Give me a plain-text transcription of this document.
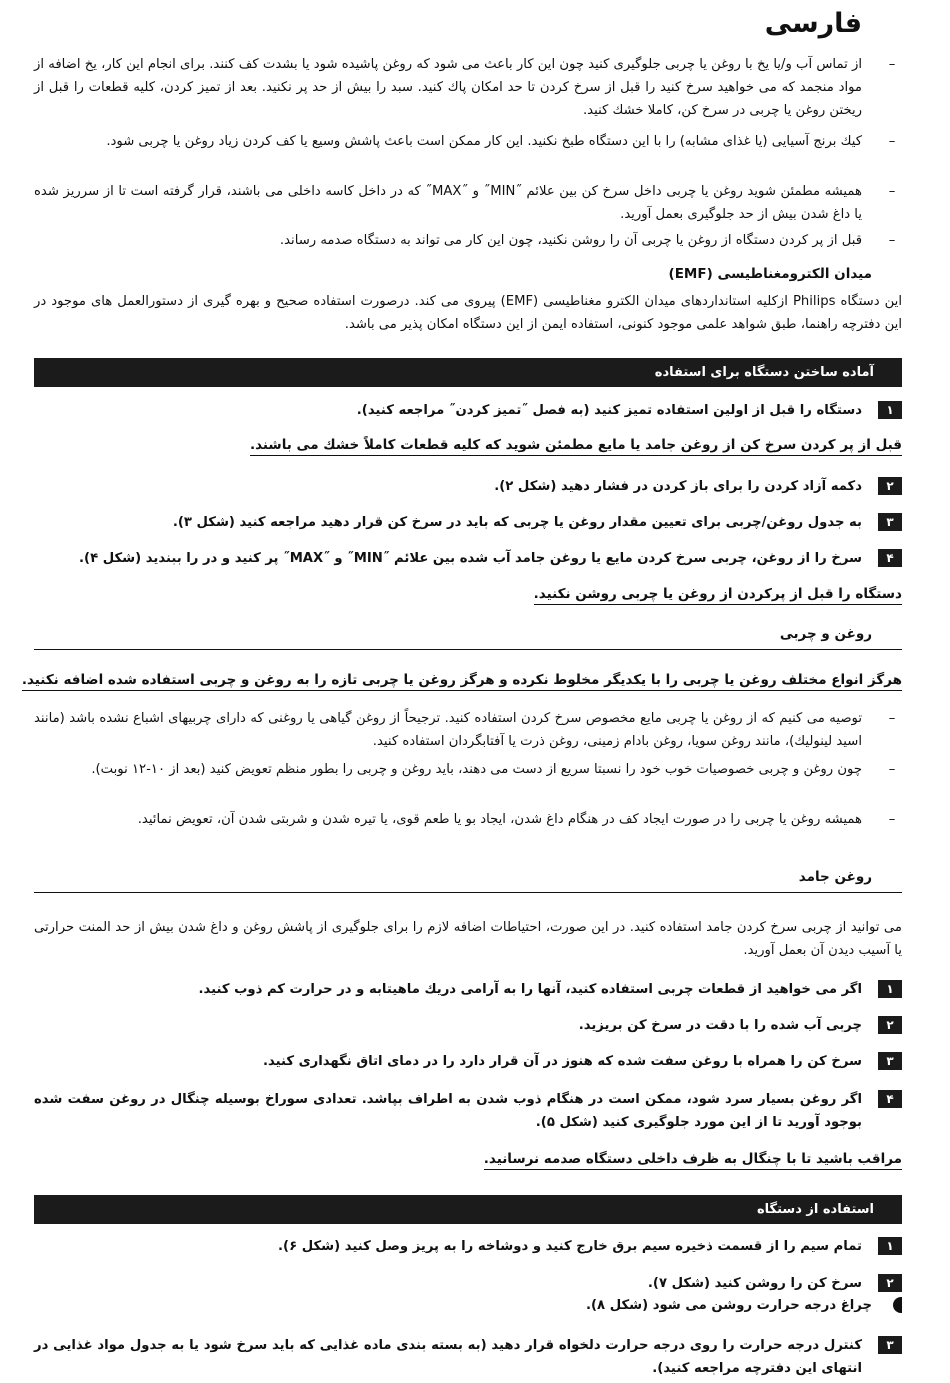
فارسی
–
از تماس آب و/یا یخ با روغن یا چربی جلوگیری کنید چون این کار باعث می شود که روغن پاشیده شود یا بشدت کف کنند. برای انجام این کار، یخ اضافه از مواد منجمد که می خواهید سرخ کنید را قبل از سرخ کردن تا حد امکان پاك کنید. سبد را بیش از حد پر نکنید. بعد از تمیز کردن، کلیه قطعات را قبل از ریختن روغن یا چربی در سرخ کن، کاملا خشك کنید.
–
کیك برنج آسیایی (یا غذای مشابه) را با این دستگاه طبخ نکنید. این کار ممکن است باعث پاشش وسیع یا کف کردن زیاد روغن یا چربی شود.
–
همیشه مطمئن شوید روغن یا چربی داخل سرخ کن بین علائم ˝MIN˝ و ˝MAX˝ که در داخل کاسه داخلی می باشند، قرار گرفته است تا از سرریز شده یا داغ شدن بیش از حد جلوگیری بعمل آورید.
–
قبل از پر کردن دستگاه از روغن یا چربی آن را روشن نکنید، چون این کار می تواند به دستگاه صدمه رساند.
میدان الکترومغناطیسی (EMF)
این دستگاه Philips ازکلیه استانداردهای میدان الکترو مغناطیسی (EMF) پیروی می کند. درصورت استفاده صحیح و بهره گیری از دستورالعمل های موجود در این دفترچه راهنما، طبق شواهد علمی موجود کنونی، استفاده ایمن از این دستگاه امکان پذیر می باشد.
آماده ساختن دستگاه برای استفاده
۱
دستگاه را قبل از اولین استفاده تمیز کنید (به فصل ˝تمیز کردن˝ مراجعه کنید).
قبل از پر کردن سرخ کن از روغن جامد یا مایع مطمئن شوید که کلیه قطعات کاملاً خشك می باشند.
۲
دکمه آزاد کردن را برای باز کردن در فشار دهید (شکل ۲).
۳
به جدول روغن/چربی برای تعیین مقدار روغن یا چربی که باید در سرخ کن قرار دهید مراجعه کنید (شکل ۳).
۴
سرخ را از روغن، چربی سرخ کردن مایع یا روغن جامد آب شده بین علائم ˝MIN˝ و ˝MAX˝ پر کنید و در را ببندید (شکل ۴).
دستگاه را قبل از پرکردن از روغن یا چربی روشن نکنید.
روغن و چربی
هرگز انواع مختلف روغن یا چربی را با یکدیگر مخلوط نکرده و هرگز روغن یا چربی تازه را به روغن و چربی استفاده شده اضافه نکنید.
–
توصیه می کنیم که از روغن یا چربی مایع مخصوص سرخ کردن استفاده کنید. ترجیحاً از روغن گیاهی یا روغنی که دارای چربیهای اشباع نشده باشد (مانند اسید لینولیك)، مانند روغن سویا، روغن بادام زمینی، روغن ذرت یا آفتابگردان استفاده کنید.
–
چون روغن و چربی خصوصیات خوب خود را نسبتا سریع از دست می دهند، باید روغن و چربی را بطور منظم تعویض کنید (بعد از ۱۰-۱۲ نوبت).
–
همیشه روغن یا چربی را در صورت ایجاد کف در هنگام داغ شدن، ایجاد بو یا طعم قوی، یا تیره شدن و شربتی شدن آن، تعویض نمائید.
روغن جامد
می توانید از چربی سرخ کردن جامد استفاده کنید. در این صورت، احتیاطات اضافه لازم را برای جلوگیری از پاشش روغن و داغ شدن بیش از حد المنت حرارتی یا آسیب دیدن آن بعمل آورید.
۱
اگر می خواهید از قطعات چربی استفاده کنید، آنها را به آرامی دریك ماهیتابه و در حرارت کم ذوب کنید.
۲
چربی آب شده را با دقت در سرخ کن بریزید.
۳
سرخ کن را همراه با روغن سفت شده که هنوز در آن قرار دارد را در دمای اتاق نگهداری کنید.
۴
اگر روغن بسیار سرد شود، ممکن است در هنگام ذوب شدن به اطراف بپاشد. تعدادی سوراخ بوسیله چنگال در روغن سفت شده بوجود آورید تا از این مورد جلوگیری کنید (شکل ۵).
مراقب باشید تا با چنگال به ظرف داخلی دستگاه صدمه نرسانید.
استفاده از دستگاه
۱
تمام سیم را از قسمت ذخیره سیم برق خارج کنید و دوشاخه را به پریز وصل کنید (شکل ۶).
۲
سرخ کن را روشن کنید (شکل ۷).
چراغ درجه حرارت روشن می شود (شکل ۸).
۳
کنترل درجه حرارت را روی درجه حرارت دلخواه قرار دهید (به بسته بندی ماده غذایی که باید سرخ شود یا به جدول مواد غذایی در انتهای این دفترچه مراجعه کنید).
